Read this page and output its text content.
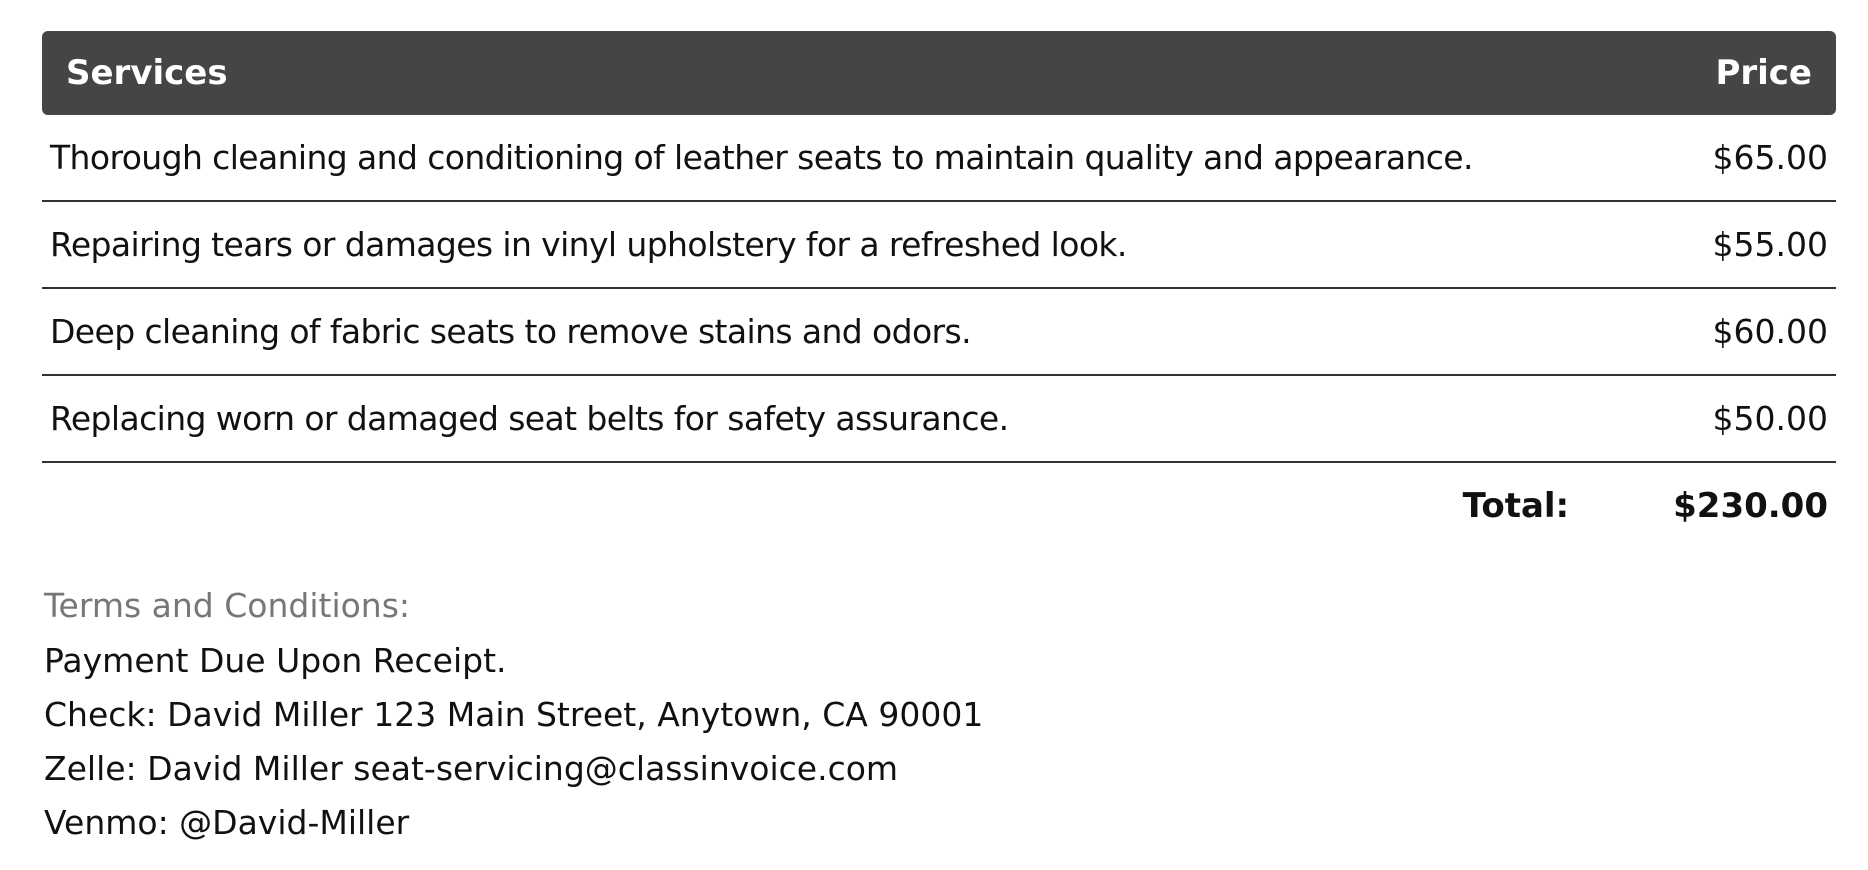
Services	Price
Thorough cleaning and conditioning of leather seats to maintain quality and appearance.	$65.00
Repairing tears or damages in vinyl upholstery for a refreshed look.	$55.00
Deep cleaning of fabric seats to remove stains and odors.	$60.00
Replacing worn or damaged seat belts for safety assurance.	$50.00
Total:	$230.00
Terms and Conditions:
Payment Due Upon Receipt.
Check: David Miller 123 Main Street, Anytown, CA 90001
Zelle: David Miller seat-servicing@classinvoice.com
Venmo: @David-Miller
